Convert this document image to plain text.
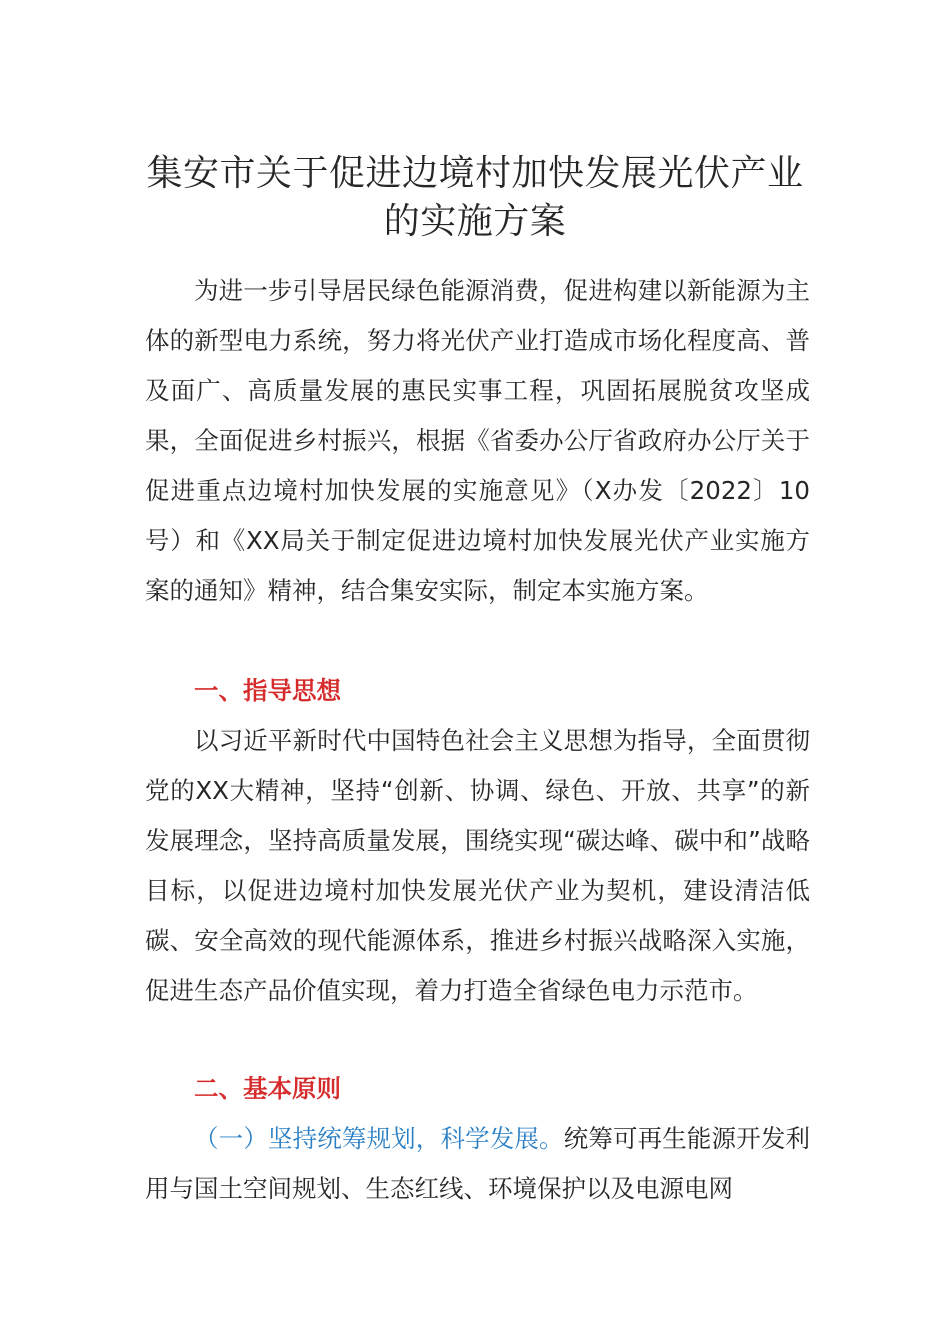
集安市关于促进边境村加快发展光伏产业
的实施方案

为进一步引导居民绿色能源消费，促进构建以新能源为主体的新型电力系统，努力将光伏产业打造成市场化程度高、普及面广、高质量发展的惠民实事工程，巩固拓展脱贫攻坚成果，全面促进乡村振兴，根据《省委办公厅省政府办公厅关于促进重点边境村加快发展的实施意见》（X办发〔2022〕10号）和《XX局关于制定促进边境村加快发展光伏产业实施方案的通知》精神，结合集安实际，制定本实施方案。

一、指导思想

以习近平新时代中国特色社会主义思想为指导，全面贯彻党的XX大精神，坚持“创新、协调、绿色、开放、共享”的新发展理念，坚持高质量发展，围绕实现“碳达峰、碳中和”战略目标，以促进边境村加快发展光伏产业为契机，建设清洁低碳、安全高效的现代能源体系，推进乡村振兴战略深入实施，促进生态产品价值实现，着力打造全省绿色电力示范市。

二、基本原则

（一）坚持统筹规划，科学发展。统筹可再生能源开发利用与国土空间规划、生态红线、环境保护以及电源电网
